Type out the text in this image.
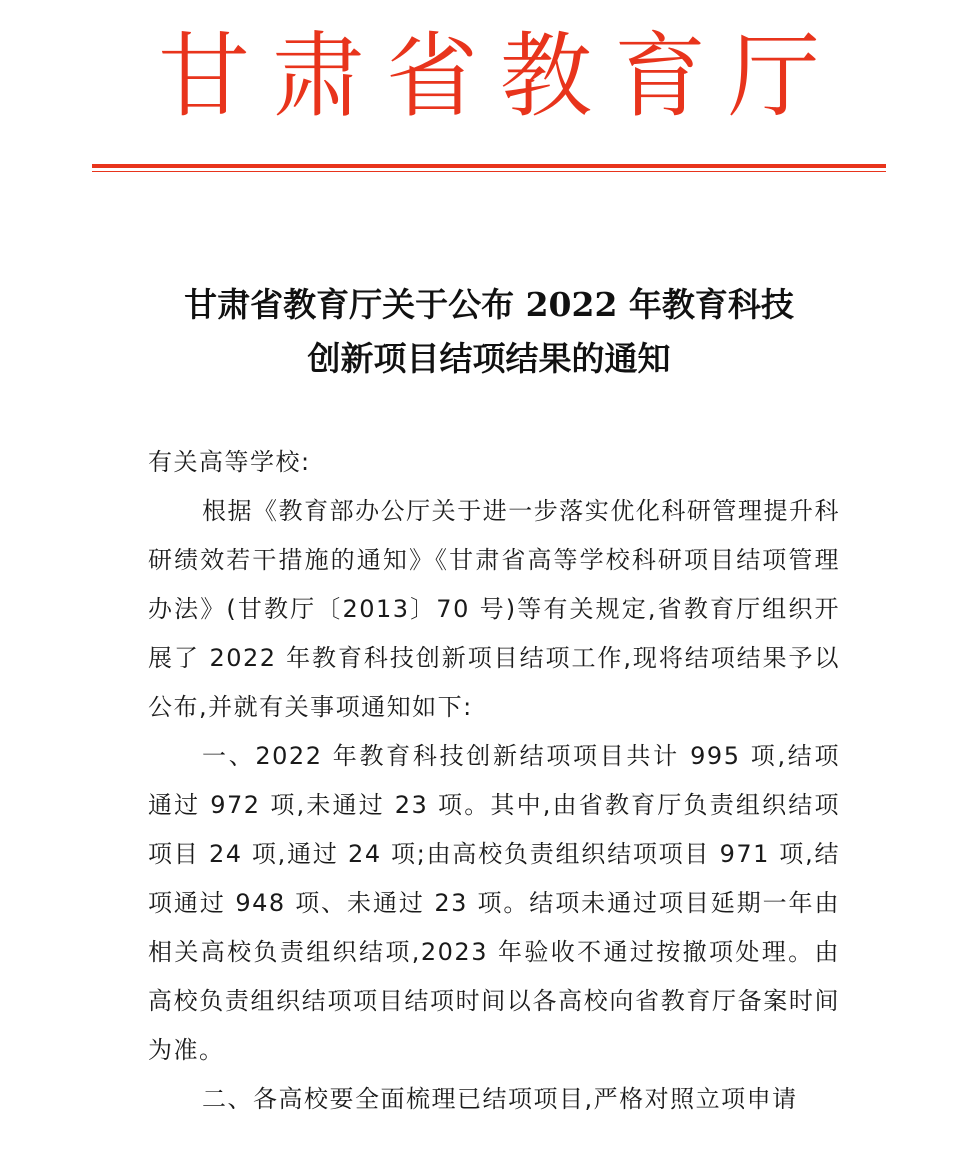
甘肃省教育厅
甘肃省教育厅关于公布 2022 年教育科技
创新项目结项结果的通知

有关高等学校:

根据《教育部办公厅关于进一步落实优化科研管理提升科研绩效若干措施的通知》《甘肃省高等学校科研项目结项管理办法》(甘教厅〔2013〕70 号)等有关规定,省教育厅组织开展了 2022 年教育科技创新项目结项工作,现将结项结果予以公布,并就有关事项通知如下:

一、2022 年教育科技创新结项项目共计 995 项,结项通过 972 项,未通过 23 项。其中,由省教育厅负责组织结项项目 24 项,通过 24 项;由高校负责组织结项项目 971 项,结项通过 948 项、未通过 23 项。结项未通过项目延期一年由相关高校负责组织结项,2023 年验收不通过按撤项处理。由高校负责组织结项项目结项时间以各高校向省教育厅备案时间为准。

二、各高校要全面梳理已结项项目,严格对照立项申请
